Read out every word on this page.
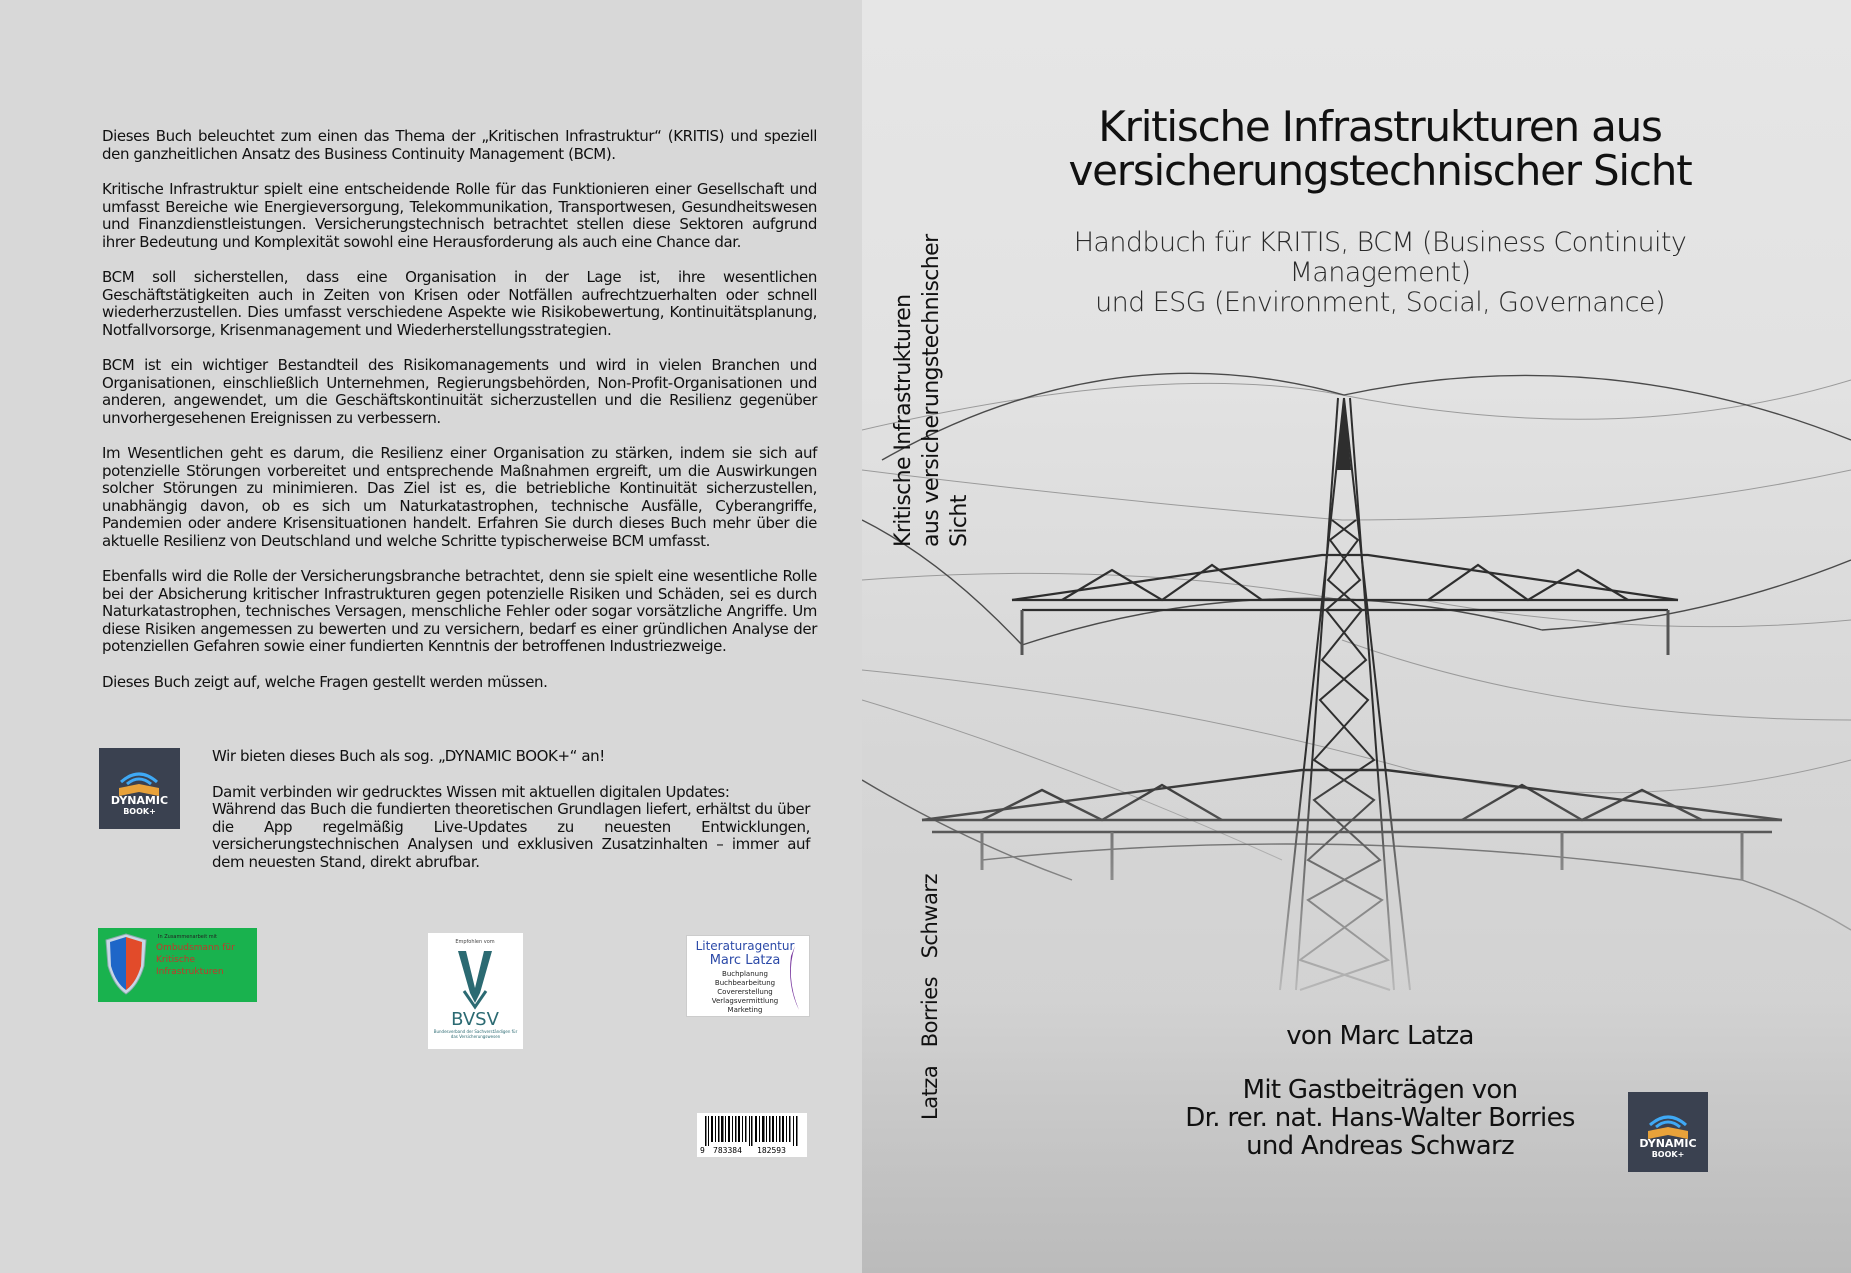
Dieses Buch beleuchtet zum einen das Thema der „Kritischen Infrastruktur“ (KRITIS) und speziell den ganzheitlichen Ansatz des Business Continuity Management (BCM).

Kritische Infrastruktur spielt eine entscheidende Rolle für das Funktionieren einer Gesellschaft und umfasst Bereiche wie Energieversorgung, Telekommunikation, Transportwesen, Gesundheitswesen und Finanzdienstleistungen. Versicherungstechnisch betrachtet stellen diese Sektoren aufgrund ihrer Bedeutung und Komplexität sowohl eine Herausforderung als auch eine Chance dar.

BCM soll sicherstellen, dass eine Organisation in der Lage ist, ihre wesentlichen Geschäftstätigkeiten auch in Zeiten von Krisen oder Notfällen aufrechtzuerhalten oder schnell wiederherzustellen. Dies umfasst verschiedene Aspekte wie Risikobewertung, Kontinuitätsplanung, Notfallvorsorge, Krisenmanagement und Wiederherstellungsstrategien.

BCM ist ein wichtiger Bestandteil des Risikomanagements und wird in vielen Branchen und Organisationen, einschließlich Unternehmen, Regierungsbehörden, Non-Profit-Organisationen und anderen, angewendet, um die Geschäftskontinuität sicherzustellen und die Resilienz gegenüber unvorhergesehenen Ereignissen zu verbessern.

Im Wesentlichen geht es darum, die Resilienz einer Organisation zu stärken, indem sie sich auf potenzielle Störungen vorbereitet und entsprechende Maßnahmen ergreift, um die Auswirkungen solcher Störungen zu minimieren. Das Ziel ist es, die betriebliche Kontinuität sicherzustellen, unabhängig davon, ob es sich um Naturkatastrophen, technische Ausfälle, Cyberangriffe, Pandemien oder andere Krisensituationen handelt. Erfahren Sie durch dieses Buch mehr über die aktuelle Resilienz von Deutschland und welche Schritte typischerweise BCM umfasst.

Ebenfalls wird die Rolle der Versicherungsbranche betrachtet, denn sie spielt eine wesentliche Rolle bei der Absicherung kritischer Infrastrukturen gegen potenzielle Risiken und Schäden, sei es durch Naturkatastrophen, technisches Versagen, menschliche Fehler oder sogar vorsätzliche Angriffe. Um diese Risiken angemessen zu bewerten und zu versichern, bedarf es einer gründlichen Analyse der potenziellen Gefahren sowie einer fundierten Kenntnis der betroffenen Industriezweige.

Dieses Buch zeigt auf, welche Fragen gestellt werden müssen.

DYNAMIC
BOOK+
Wir bieten dieses Buch als sog. „DYNAMIC BOOK+“ an!
Damit verbinden wir gedrucktes Wissen mit aktuellen digitalen Updates:
Während das Buch die fundierten theoretischen Grundlagen liefert, erhältst du über die App regelmäßig Live-Updates zu neuesten Entwicklungen, versicherungstechnischen Analysen und exklusiven Zusatzinhalten – immer auf dem neuesten Stand, direkt abrufbar.
In Zusammenarbeit mit
Ombudsmann für Kritische Infrastrukturen
Empfohlen vom
BVSV
Bundesverband der Sachverständigen für das Versicherungswesen
Literaturagentur
Marc Latza
Buchplanung
Buchbearbeitung
Covererstellung
Verlagsvermittlung
Marketing
9 783384 182593
Kritische Infrastrukturen aus versicherungstechnischer Sicht
Latza   Borries   Schwarz
Kritische Infrastrukturen aus
versicherungstechnischer Sicht
Handbuch für KRITIS, BCM (Business Continuity Management)
und ESG (Environment, Social, Governance)
von Marc Latza
Mit Gastbeiträgen von
Dr. rer. nat. Hans-Walter Borries
und Andreas Schwarz	DYNAMIC
BOOK+
